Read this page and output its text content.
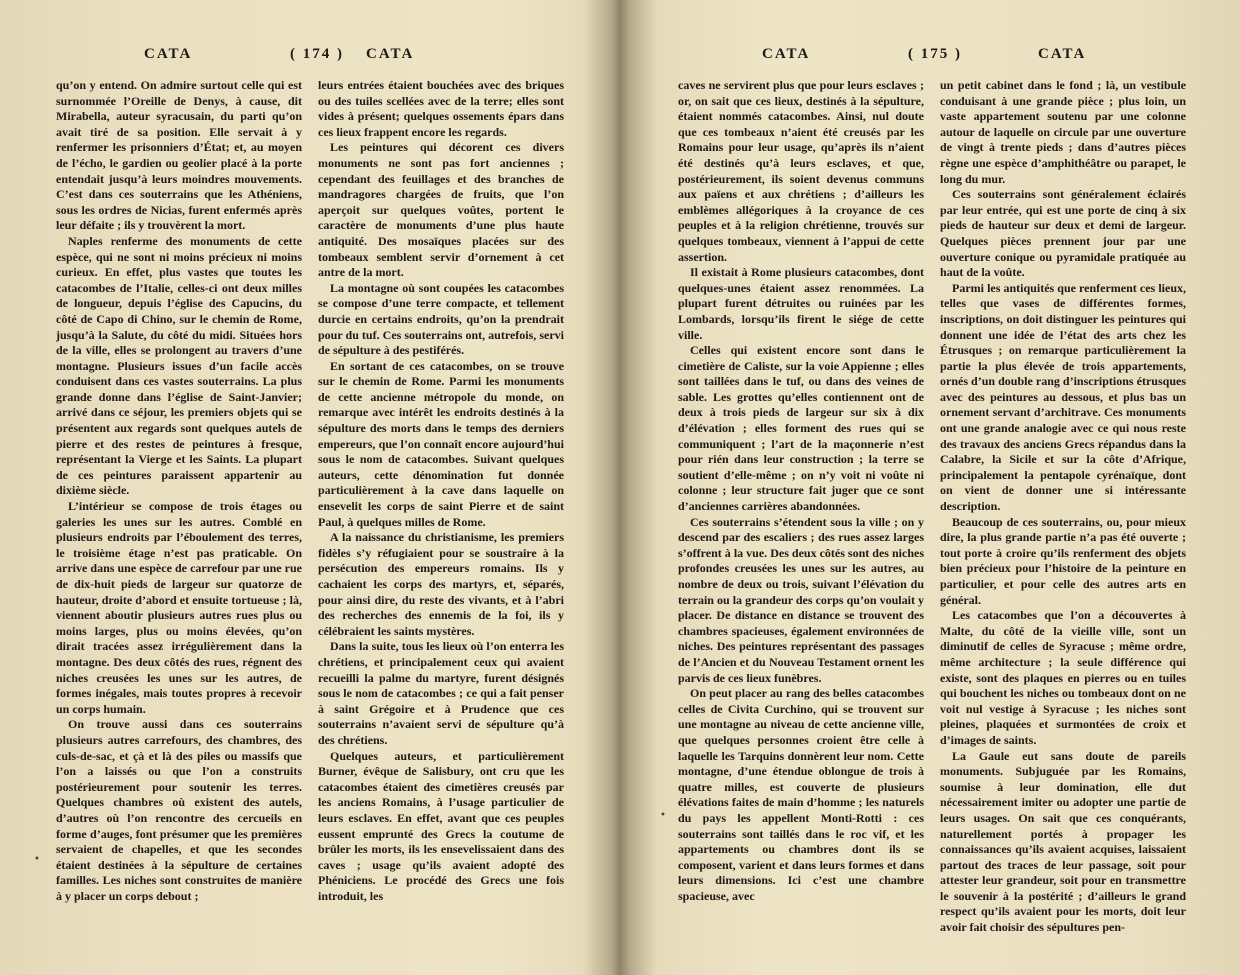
CATA	( 174 ) CATA

qu’on y entend. On admire surtout celle qui est surnommée l’Oreille de Denys, à cause, dit Mirabella, auteur syracusain, du parti qu’on avait tiré de sa position. Elle servait à y renfermer les prisonniers d’État; et, au moyen de l’écho, le gardien ou geolier placé à la porte entendait jusqu’à leurs moindres mouvements. C’est dans ces souterrains que les Athéniens, sous les ordres de Nicias, furent enfermés après leur défaite ; ils y trouvèrent la mort.

Naples renferme des monuments de cette espèce, qui ne sont ni moins précieux ni moins curieux. En effet, plus vastes que toutes les catacombes de l’Italie, celles-ci ont deux milles de longueur, depuis l’église des Capucins, du côté de Capo di Chino, sur le chemin de Rome, jusqu’à la Salute, du côté du midi. Situées hors de la ville, elles se prolongent au travers d’une montagne. Plusieurs issues d’un facile accès conduisent dans ces vastes souterrains. La plus grande donne dans l’église de Saint-Janvier; arrivé dans ce séjour, les premiers objets qui se présentent aux regards sont quelques autels de pierre et des restes de peintures à fresque, représentant la Vierge et les Saints. La plupart de ces peintures paraissent appartenir au dixième siècle.

L’intérieur se compose de trois étages ou galeries les unes sur les autres. Comblé en plusieurs endroits par l’éboulement des terres, le troisième étage n’est pas praticable. On arrive dans une espèce de carrefour par une rue de dix-huit pieds de largeur sur quatorze de hauteur, droite d’abord et ensuite tortueuse ; là, viennent aboutir plusieurs autres rues plus ou moins larges, plus ou moins élevées, qu’on dirait tracées assez irrégulièrement dans la montagne. Des deux côtés des rues, régnent des niches creusées les unes sur les autres, de formes inégales, mais toutes propres à recevoir un corps humain.

On trouve aussi dans ces souterrains plusieurs autres carrefours, des chambres, des culs-de-sac, et çà et là des piles ou massifs que l’on a laissés ou que l’on a construits postérieurement pour soutenir les terres. Quelques chambres où existent des autels, d’autres où l’on rencontre des cercueils en forme d’auges, font présumer que les premières servaient de chapelles, et que les secondes étaient destinées à la sépulture de certaines familles. Les niches sont construites de manière à y placer un corps debout ;

leurs entrées étaient bouchées avec des briques ou des tuiles scellées avec de la terre; elles sont vides à présent; quelques ossements épars dans ces lieux frappent encore les regards.

Les peintures qui décorent ces divers monuments ne sont pas fort anciennes ; cependant des feuillages et des branches de mandragores chargées de fruits, que l’on aperçoit sur quelques voûtes, portent le caractère de monuments d’une plus haute antiquité. Des mosaïques placées sur des tombeaux semblent servir d’ornement à cet antre de la mort.

La montagne où sont coupées les catacombes se compose d’une terre compacte, et tellement durcie en certains endroits, qu’on la prendrait pour du tuf. Ces souterrains ont, autrefois, servi de sépulture à des pestiférés.

En sortant de ces catacombes, on se trouve sur le chemin de Rome. Parmi les monuments de cette ancienne métropole du monde, on remarque avec intérêt les endroits destinés à la sépulture des morts dans le temps des derniers empereurs, que l’on connaît encore aujourd’hui sous le nom de catacombes. Suivant quelques auteurs, cette dénomination fut donnée particulièrement à la cave dans laquelle on ensevelit les corps de saint Pierre et de saint Paul, à quelques milles de Rome.

A la naissance du christianisme, les premiers fidèles s’y réfugiaient pour se soustraire à la persécution des empereurs romains. Ils y cachaient les corps des martyrs, et, séparés, pour ainsi dire, du reste des vivants, et à l’abri des recherches des ennemis de la foi, ils y célébraient les saints mystères.

Dans la suite, tous les lieux où l’on enterra les chrétiens, et principalement ceux qui avaient recueilli la palme du martyre, furent désignés sous le nom de catacombes ; ce qui a fait penser à saint Grégoire et à Prudence que ces souterrains n’avaient servi de sépulture qu’à des chrétiens.

Quelques auteurs, et particulièrement Burner, évêque de Salisbury, ont cru que les catacombes étaient des cimetières creusés par les anciens Romains, à l’usage particulier de leurs esclaves. En effet, avant que ces peuples eussent emprunté des Grecs la coutume de brûler les morts, ils les ensevelissaient dans des caves ; usage qu’ils avaient adopté des Phéniciens. Le procédé des Grecs une fois introduit, les

•
CATA	( 175 )	CATA

caves ne servirent plus que pour leurs esclaves ; or, on sait que ces lieux, destinés à la sépulture, étaient nommés catacombes. Ainsi, nul doute que ces tombeaux n’aient été creusés par les Romains pour leur usage, qu’après ils n’aient été destinés qu’à leurs esclaves, et que, postérieurement, ils soient devenus communs aux païens et aux chrétiens ; d’ailleurs les emblèmes allégoriques à la croyance de ces peuples et à la religion chrétienne, trouvés sur quelques tombeaux, viennent à l’appui de cette assertion.

Il existait à Rome plusieurs catacombes, dont quelques-unes étaient assez renommées. La plupart furent détruites ou ruinées par les Lombards, lorsqu’ils firent le siége de cette ville.

Celles qui existent encore sont dans le cimetière de Caliste, sur la voie Appienne ; elles sont taillées dans le tuf, ou dans des veines de sable. Les grottes qu’elles contiennent ont de deux à trois pieds de largeur sur six à dix d’élévation ; elles forment des rues qui se communiquent ; l’art de la maçonnerie n’est pour rién dans leur construction ; la terre se soutient d’elle-même ; on n’y voit ni voûte ni colonne ; leur structure fait juger que ce sont d’anciennes carrières abandonnées.

Ces souterrains s’étendent sous la ville ; on y descend par des escaliers ; des rues assez larges s’offrent à la vue. Des deux côtés sont des niches profondes creusées les unes sur les autres, au nombre de deux ou trois, suivant l’élévation du terrain ou la grandeur des corps qu’on voulait y placer. De distance en distance se trouvent des chambres spacieuses, également environnées de niches. Des peintures représentant des passages de l’Ancien et du Nouveau Testament ornent les parvis de ces lieux funèbres.

On peut placer au rang des belles catacombes celles de Civita Curchino, qui se trouvent sur une montagne au niveau de cette ancienne ville, que quelques personnes croient être celle à laquelle les Tarquins donnèrent leur nom. Cette montagne, d’une étendue oblongue de trois à quatre milles, est couverte de plusieurs élévations faites de main d’homme ; les naturels du pays les appellent Monti-Rotti : ces souterrains sont taillés dans le roc vif, et les appartements ou chambres dont ils se composent, varient et dans leurs formes et dans leurs dimensions. Ici c’est une chambre spacieuse, avec

un petit cabinet dans le fond ; là, un vestibule conduisant à une grande pièce ; plus loin, un vaste appartement soutenu par une colonne autour de laquelle on circule par une ouverture de vingt à trente pieds ; dans d’autres pièces règne une espèce d’amphithéâtre ou parapet, le long du mur.

Ces souterrains sont généralement éclairés par leur entrée, qui est une porte de cinq à six pieds de hauteur sur deux et demi de largeur. Quelques pièces prennent jour par une ouverture conique ou pyramidale pratiquée au haut de la voûte.

Parmi les antiquités que renferment ces lieux, telles que vases de différentes formes, inscriptions, on doit distinguer les peintures qui donnent une idée de l’état des arts chez les Étrusques ; on remarque particulièrement la partie la plus élevée de trois appartements, ornés d’un double rang d’inscriptions étrusques avec des peintures au dessous, et plus bas un ornement servant d’architrave. Ces monuments ont une grande analogie avec ce qui nous reste des travaux des anciens Grecs répandus dans la Calabre, la Sicile et sur la côte d’Afrique, principalement la pentapole cyrénaïque, dont on vient de donner une si intéressante description.

Beaucoup de ces souterrains, ou, pour mieux dire, la plus grande partie n’a pas été ouverte ; tout porte à croire qu’ils renferment des objets bien précieux pour l’histoire de la peinture en particulier, et pour celle des autres arts en général.

Les catacombes que l’on a découvertes à Malte, du côté de la vieille ville, sont un diminutif de celles de Syracuse ; même ordre, même architecture ; la seule différence qui existe, sont des plaques en pierres ou en tuiles qui bouchent les niches ou tombeaux dont on ne voit nul vestige à Syracuse ; les niches sont pleines, plaquées et surmontées de croix et d’images de saints.

La Gaule eut sans doute de pareils monuments. Subjuguée par les Romains, soumise à leur domination, elle dut nécessairement imiter ou adopter une partie de leurs usages. On sait que ces conquérants, naturellement portés à propager les connaissances qu’ils avaient acquises, laissaient partout des traces de leur passage, soit pour attester leur grandeur, soit pour en transmettre le souvenir à la postérité ; d’ailleurs le grand respect qu’ils avaient pour les morts, doit leur avoir fait choisir des sépultures pen-

•
